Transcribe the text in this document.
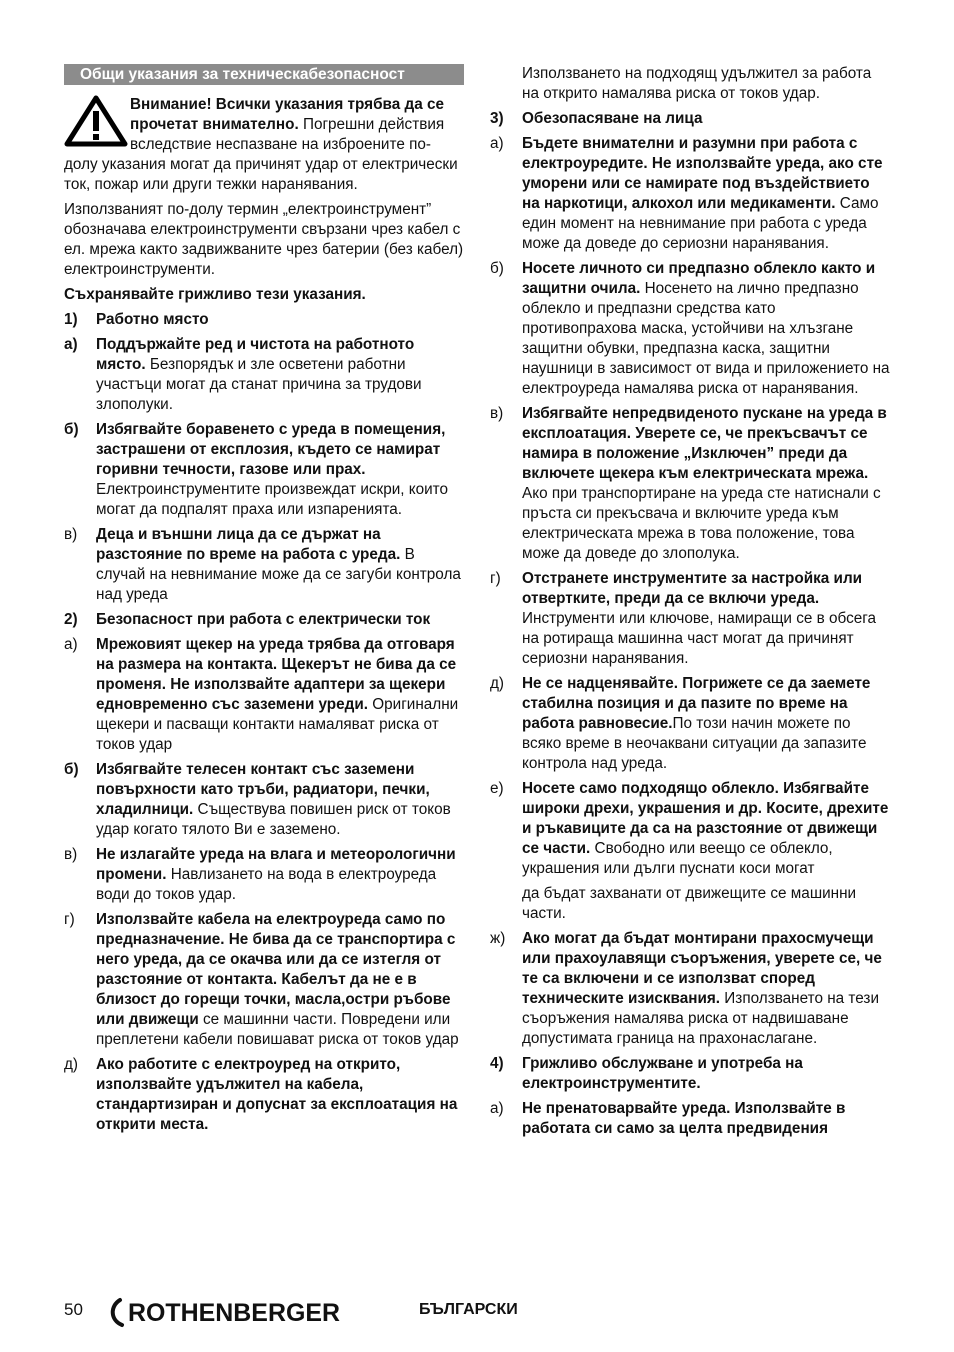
Общи указания за техническабезопасност

Внимание! Всички указания трябва да се прочетат внимателно. Погрешни действия вследствие неспазване на изброените по-долу указания могат да причинят удар от електрически ток, пожар или други тежки наранявания.

Използваният по-долу термин „електроинструмент” обозначава електроинструменти свързани чрез кабел с ел. мрежа както задвижваните чрез батерии (без кабел) електроинструменти.

Съхранявайте грижливо тези указания.

1)	Работно място
а)	Поддържайте ред и чистота на работното място. Безпорядък и зле осветени работни участъци могат да станат причина за трудови злополуки.
б)	Избягвайте боравенето с уреда в помещения, застрашени от експлозия, където се намират горивни течности, газове или прах. Електроинструментите произвеждат искри, които могат да подпалят праха или изпаренията.
в)	Деца и външни лица да се държат на разстояние по време на работа с уреда. В случай на невнимание може да се загуби контрола над уреда
2)	Безопасност при работа с електрически ток
а)	Мрежовият щекер на уреда трябва да отговаря на размера на контакта. Щекерът не бива да се променя. Не използвайте адаптери за щекери едновременно със заземени уреди. Оригинални щекери и пасващи контакти намаляват риска от токов удар
б)	Избягвайте телесен контакт със заземени повърхности като тръби, радиатори, печки, хладилници. Съществува повишен риск от токов удар когато тялото Ви е заземено.
в)	Не излагайте уреда на влага и метеорологични промени. Навлизането на вода в електроуреда води до токов удар.
г)	Използвайте кабела на електроуреда само по предназначение. Не бива да се транспортира с него уреда, да се окачва или да се изтегля от разстояние от контакта. Кабелът да не е в близост до горещи точки, масла,остри ръбове или движещи се машинни части. Повредени или преплетени кабели повишават риска от токов удар
д)	Ако работите с електроуред на открито, използвайте удължител на кабела, стандартизиран и допуснат за експлоатация на открити места.

Използването на подходящ удължител за работа на открито намалява риска от токов удар.

3)	Обезопасяване на лица
а)	Бъдете внимателни и разумни при работа с електроуредите. Не използвайте уреда, ако сте уморени или се намирате под въздействието на наркотици, алкохол или медикаменти. Само един момент на невнимание при работа с уреда може да доведе до сериозни наранявания.
б)	Носете личното си предпазно облекло както и защитни очила. Носенето на лично предпазно облекло и предпазни средства като противопрахова маска, устойчиви на хлъзгане защитни обувки, предпазна каска, защитни наушници в зависимост от вида и приложението на електроуреда намалява риска от наранявания.
в)	Избягвайте непредвиденото пускане на уреда в експлоатация. Уверете се, че прекъсвачът се намира в положение „Изключен” преди да включете щекера към електрическата мрежа. Ако при транспортиране на уреда сте натиснали с пръста си прекъсвача и включите уреда към електрическата мрежа в това положение, това може да доведе до злополука.
г)	Отстранете инструментите за настройка или отвертките, преди да се включи уреда. Инструменти или ключове, намиращи се в обсега на ротираща машинна част могат да причинят сериозни наранявания.
д)	Не се надценявайте. Погрижете се да заемете стабилна позиция и да пазите по време на работа равновесие.По този начин можете по всяко време в неочаквани ситуации да запазите контрола над уреда.
е)	Носете само подходящо облекло. Избягвайте широки дрехи, украшения и др. Косите, дрехите и ръкавиците да са на разстояние от движещи се части. Свободно или веещо се облекло, украшения или дълги пуснати коси могат

да бъдат захванати от движещите се машинни части.

ж)	Ако могат да бъдат монтирани прахосмучещи или прахоулавящи съоръжения, уверете се, че те са включени и се използват според техническите изисквания. Използването на тези съоръжения намалява риска от надвишаване допустимата граница на прахонаслагане.
4)	Грижливо обслужване и употреба на електроинструментите.
а)	Не пренатоварвайте уреда. Използвайте в работата си само за целта предвидения
50 ROTHENBERGER	БЪЛГАРСКИ
